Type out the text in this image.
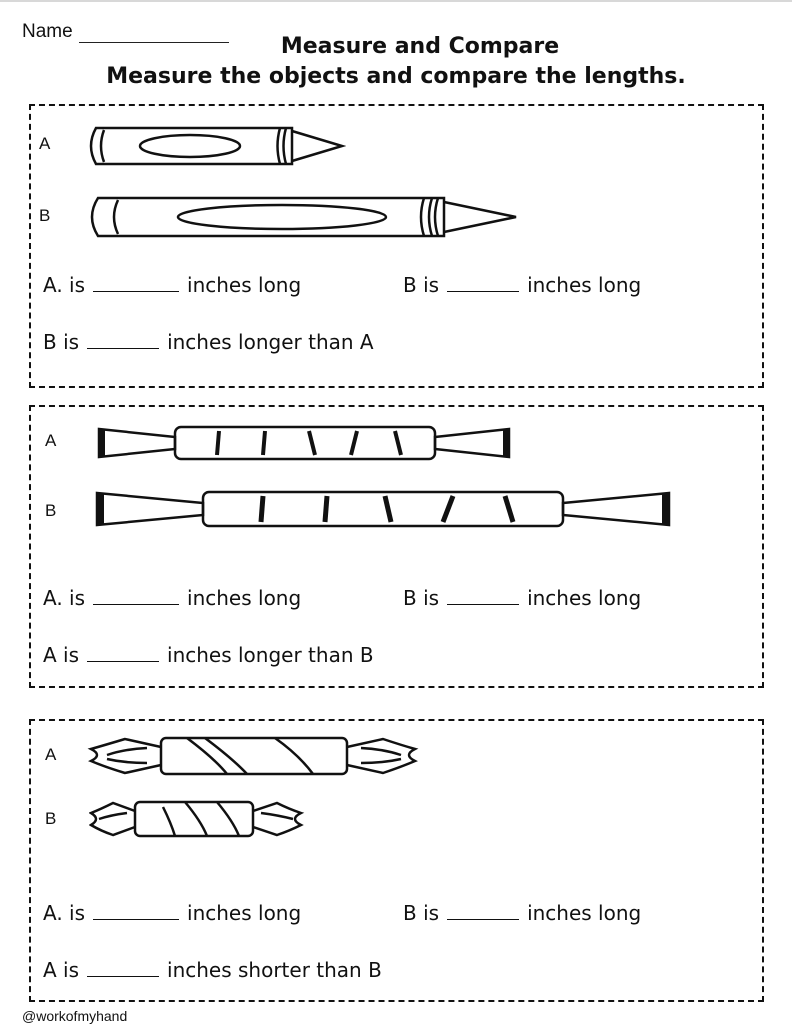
Name
Measure and Compare
Measure the objects and compare the lengths.
A
B
A. is	inches long	B is	inches long
B is	inches longer than A
A
B
A. is	inches long	B is	inches long
A is	inches longer than B
A
B
A. is	inches long	B is	inches long
A is	inches shorter than B
@workofmyhand
